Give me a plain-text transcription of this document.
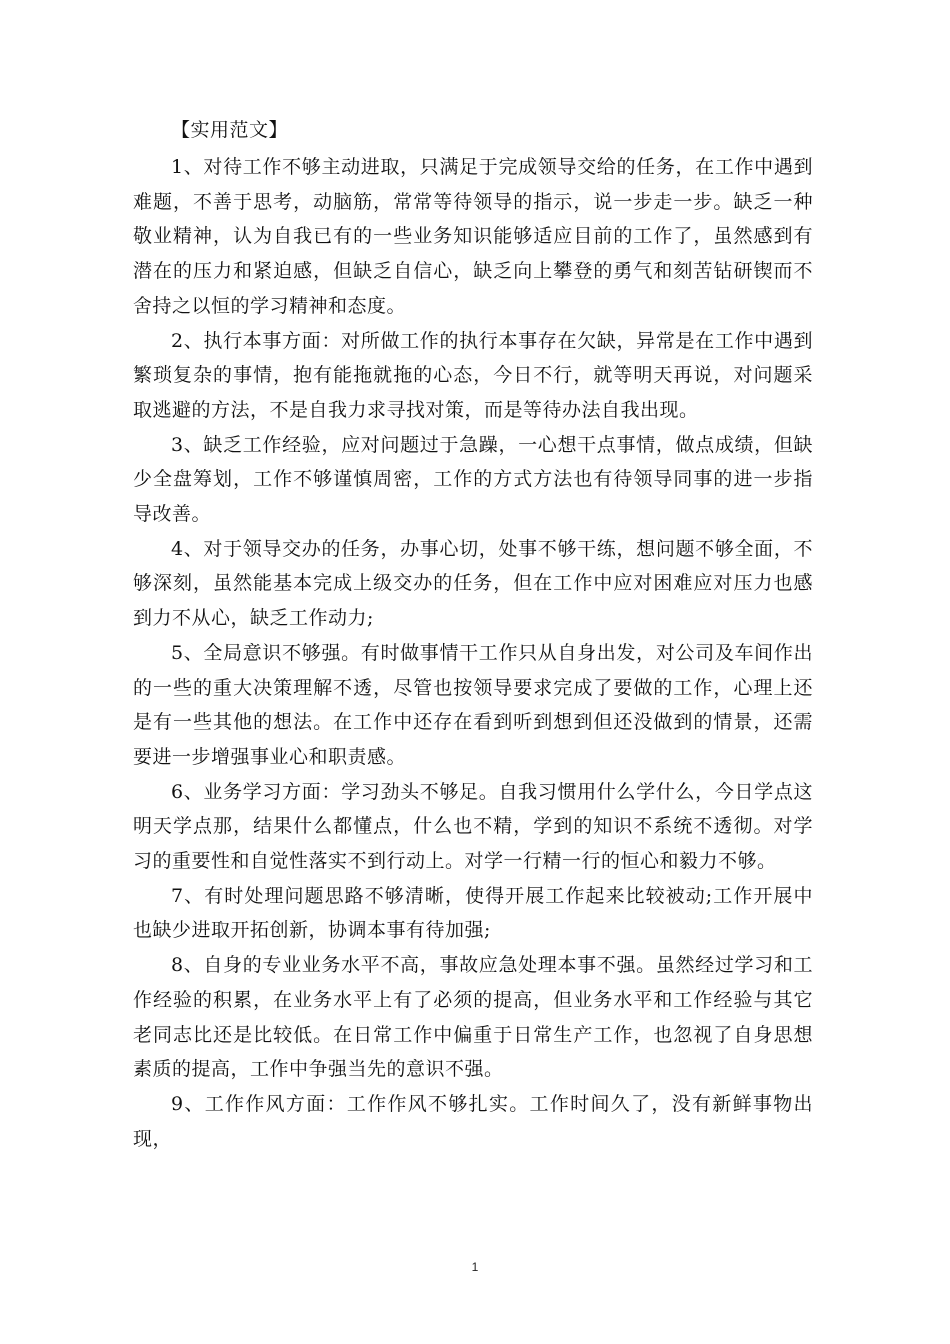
【实用范文】

1、对待工作不够主动进取，只满足于完成领导交给的任务，在工作中遇到难题，不善于思考，动脑筋，常常等待领导的指示，说一步走一步。缺乏一种敬业精神，认为自我已有的一些业务知识能够适应目前的工作了，虽然感到有潜在的压力和紧迫感，但缺乏自信心，缺乏向上攀登的勇气和刻苦钻研锲而不舍持之以恒的学习精神和态度。

2、执行本事方面：对所做工作的执行本事存在欠缺，异常是在工作中遇到繁琐复杂的事情，抱有能拖就拖的心态，今日不行，就等明天再说，对问题采取逃避的方法，不是自我力求寻找对策，而是等待办法自我出现。

3、缺乏工作经验，应对问题过于急躁，一心想干点事情，做点成绩，但缺少全盘筹划，工作不够谨慎周密，工作的方式方法也有待领导同事的进一步指导改善。

4、对于领导交办的任务，办事心切，处事不够干练，想问题不够全面，不够深刻，虽然能基本完成上级交办的任务，但在工作中应对困难应对压力也感到力不从心，缺乏工作动力;

5、全局意识不够强。有时做事情干工作只从自身出发，对公司及车间作出的一些的重大决策理解不透，尽管也按领导要求完成了要做的工作，心理上还是有一些其他的想法。在工作中还存在看到听到想到但还没做到的情景，还需要进一步增强事业心和职责感。

6、业务学习方面：学习劲头不够足。自我习惯用什么学什么，今日学点这明天学点那，结果什么都懂点，什么也不精，学到的知识不系统不透彻。对学习的重要性和自觉性落实不到行动上。对学一行精一行的恒心和毅力不够。

7、有时处理问题思路不够清晰，使得开展工作起来比较被动;工作开展中也缺少进取开拓创新，协调本事有待加强;

8、自身的专业业务水平不高，事故应急处理本事不强。虽然经过学习和工作经验的积累，在业务水平上有了必须的提高，但业务水平和工作经验与其它老同志比还是比较低。在日常工作中偏重于日常生产工作，也忽视了自身思想素质的提高，工作中争强当先的意识不强。

9、工作作风方面：工作作风不够扎实。工作时间久了，没有新鲜事物出现，

1
